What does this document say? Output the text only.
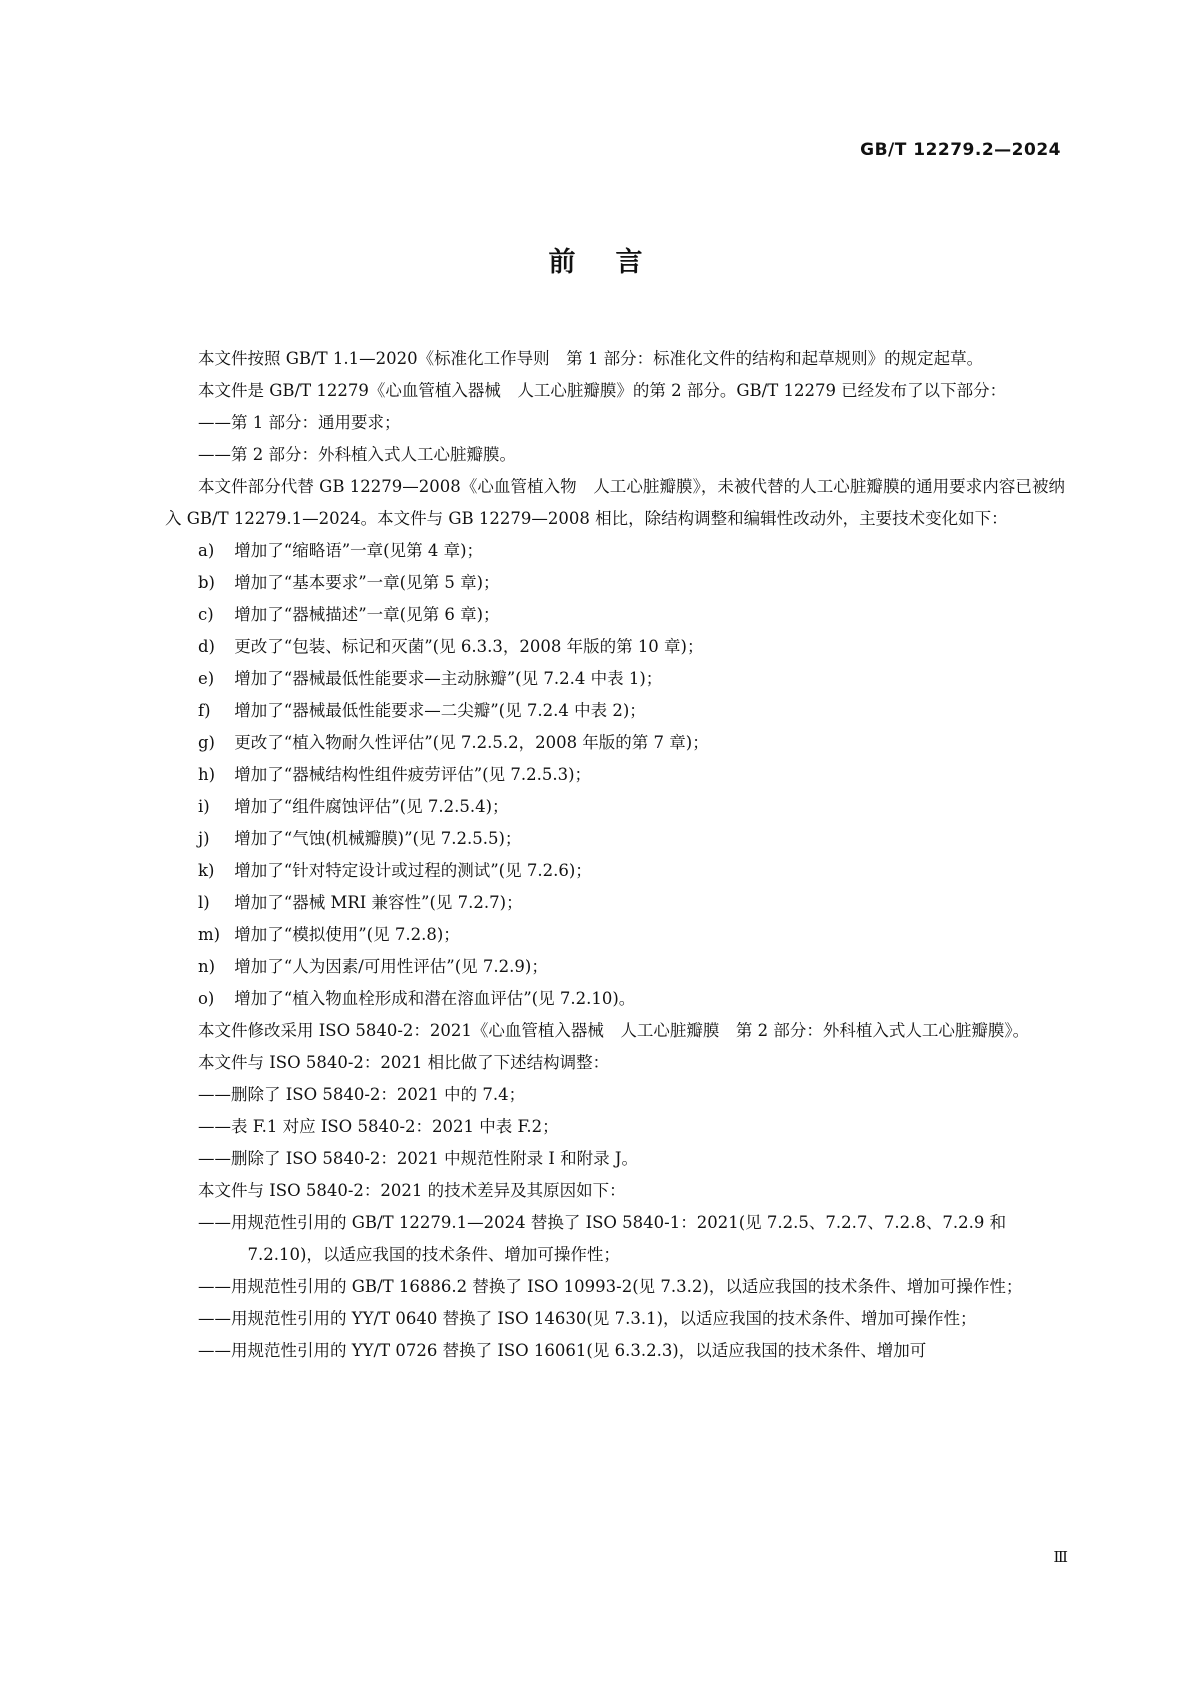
GB/T 12279.2—2024
前言

本文件按照 GB/T 1.1—2020《标准化工作导则　第 1 部分：标准化文件的结构和起草规则》的规定起草。

本文件是 GB/T 12279《心血管植入器械　人工心脏瓣膜》的第 2 部分。GB/T 12279 已经发布了以下部分：

——第 1 部分：通用要求；

——第 2 部分：外科植入式人工心脏瓣膜。

本文件部分代替 GB 12279—2008《心血管植入物　人工心脏瓣膜》，未被代替的人工心脏瓣膜的通用要求内容已被纳入 GB/T 12279.1—2024。本文件与 GB 12279—2008 相比，除结构调整和编辑性改动外，主要技术变化如下：

a) 增加了“缩略语”一章(见第 4 章)；

b) 增加了“基本要求”一章(见第 5 章)；

c) 增加了“器械描述”一章(见第 6 章)；

d) 更改了“包装、标记和灭菌”(见 6.3.3，2008 年版的第 10 章)；

e) 增加了“器械最低性能要求—主动脉瓣”(见 7.2.4 中表 1)；

f) 增加了“器械最低性能要求—二尖瓣”(见 7.2.4 中表 2)；

g) 更改了“植入物耐久性评估”(见 7.2.5.2，2008 年版的第 7 章)；

h) 增加了“器械结构性组件疲劳评估”(见 7.2.5.3)；

i) 增加了“组件腐蚀评估”(见 7.2.5.4)；

j) 增加了“气蚀(机械瓣膜)”(见 7.2.5.5)；

k) 增加了“针对特定设计或过程的测试”(见 7.2.6)；

l) 增加了“器械 MRI 兼容性”(见 7.2.7)；

m) 增加了“模拟使用”(见 7.2.8)；

n) 增加了“人为因素/可用性评估”(见 7.2.9)；

o) 增加了“植入物血栓形成和潜在溶血评估”(见 7.2.10)。

本文件修改采用 ISO 5840-2：2021《心血管植入器械　人工心脏瓣膜　第 2 部分：外科植入式人工心脏瓣膜》。

本文件与 ISO 5840-2：2021 相比做了下述结构调整：

——删除了 ISO 5840-2：2021 中的 7.4；

——表 F.1 对应 ISO 5840-2：2021 中表 F.2；

——删除了 ISO 5840-2：2021 中规范性附录 I 和附录 J。

本文件与 ISO 5840-2：2021 的技术差异及其原因如下：

——用规范性引用的 GB/T 12279.1—2024 替换了 ISO 5840-1：2021(见 7.2.5、7.2.7、7.2.8、7.2.9 和 7.2.10)，以适应我国的技术条件、增加可操作性；

——用规范性引用的 GB/T 16886.2 替换了 ISO 10993-2(见 7.3.2)，以适应我国的技术条件、增加可操作性；

——用规范性引用的 YY/T 0640 替换了 ISO 14630(见 7.3.1)，以适应我国的技术条件、增加可操作性；

——用规范性引用的 YY/T 0726 替换了 ISO 16061(见 6.3.2.3)，以适应我国的技术条件、增加可

Ⅲ
